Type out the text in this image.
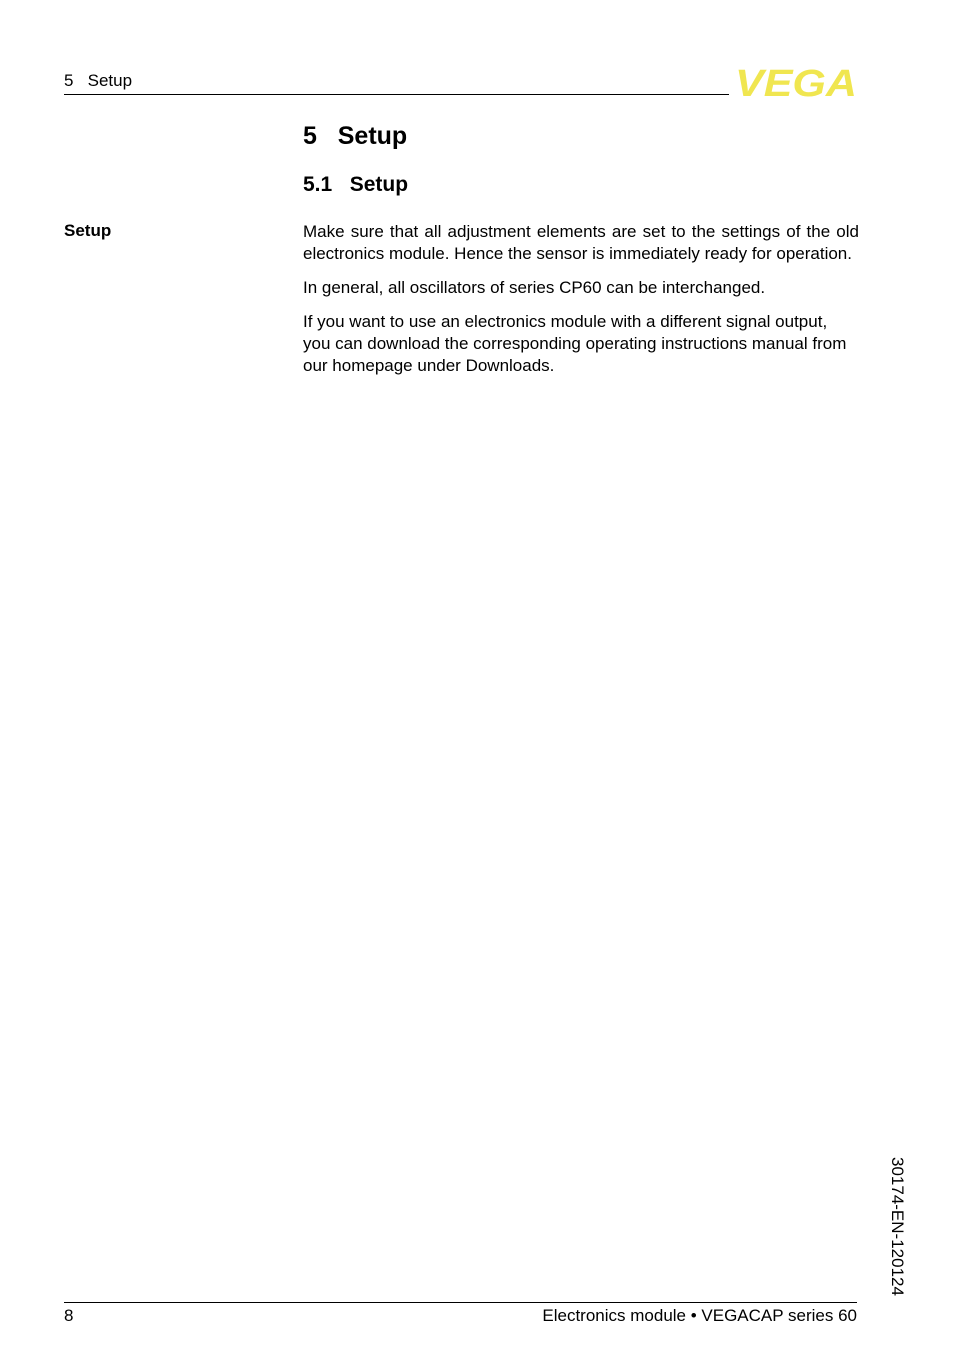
5   Setup	VEGA
5   Setup
5.1   Setup
Setup	Make sure that all adjustment elements are set to the settings of the old electronics module. Hence the sensor is immediately ready for operation.

In general, all oscillators of series CP60 can be interchanged.

If you want to use an electronics module with a different signal output, you can download the corresponding operating instructions manual from our homepage under Downloads.

30174-EN-120124
8	Electronics module • VEGACAP series 60
